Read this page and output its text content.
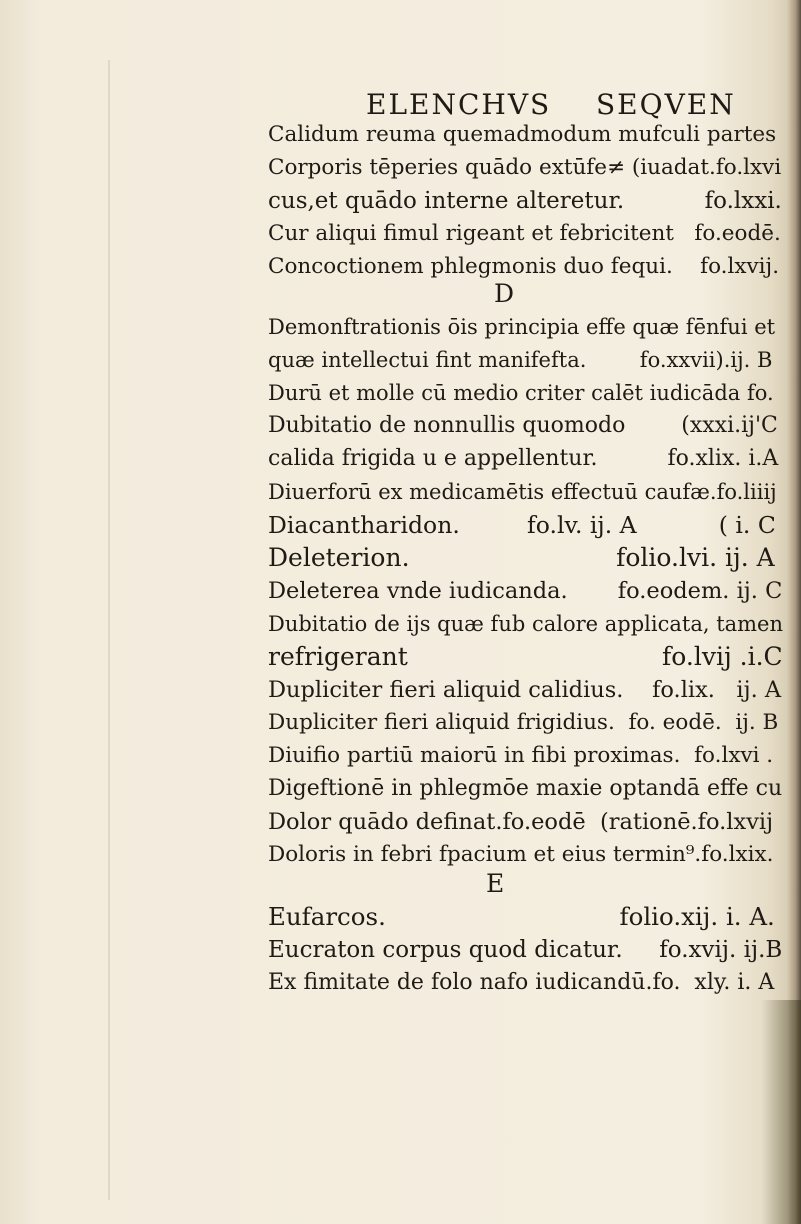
ELENCHVS SEQVEN
Calidum reuma quemadmodum mufculi partes
Corporis tēperies quādo extūfe≠ (iuadat.fo.lxvi
cus,et quādo interne alteretur.           fo.lxxi.
Cur aliqui fimul rigeant et febricitent   fo.eodē.
Concoctionem phlegmonis duo fequi.    fo.lxvij.
D
Demonftrationis ōis principia effe quæ fēnfui et
quæ intellectui fint manifefta.        fo.xxvii).ij. B
Durū et molle cū medio criter calēt iudicāda fo.
Dubitatio de nonnullis quomodo        (xxxi.ij'C
calida frigida u e appellentur.          fo.xlix. i.A
Diuerforū ex medicamētis effectuū caufæ.fo.liiij
Diacantharidon.         fo.lv. ij. A           ( i. C
Deleterion.                          folio.lvi. ij. A
Deleterea vnde iudicanda.       fo.eodem. ij. C
Dubitatio de ijs quæ fub calore applicata, tamen
refrigerant                                fo.lvij .i.C
Dupliciter fieri aliquid calidius.    fo.lix.   ij. A
Dupliciter fieri aliquid frigidius.  fo. eodē.  ij. B
Diuifio partiū maiorū in fibi proximas.  fo.lxvi .
Digeftionē in phlegmōe maxie optandā effe cu
Dolor quādo definat.fo.eodē  (rationē.fo.lxvij
Doloris in febri fpacium et eius termin⁹.fo.lxix.
E
Eufarcos.                              folio.xij. i. A.
Eucraton corpus quod dicatur.     fo.xvij. ij.B
Ex fimitate de folo nafo iudicandū.fo.  xly. i. A
